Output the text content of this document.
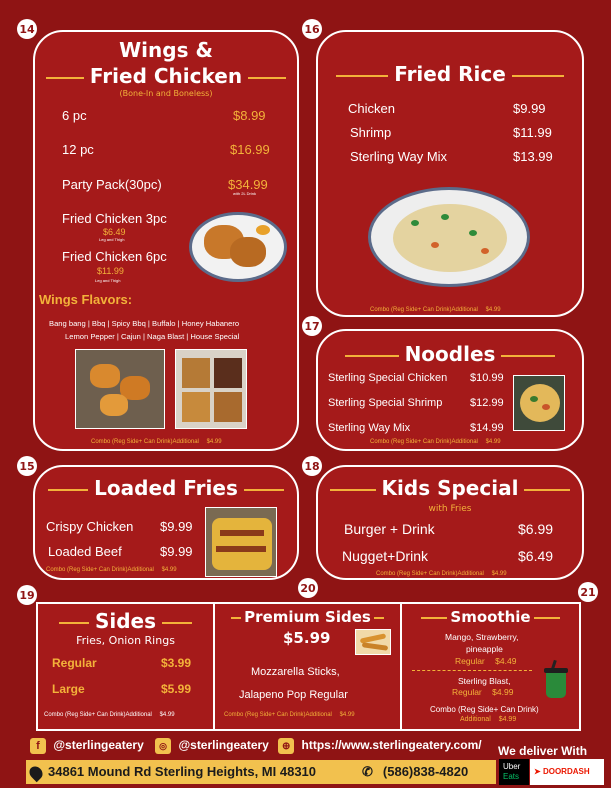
14	16
17
15	18
19
20	21
Wings &
Fried Chicken
(Bone-In and Boneless)
6 pc	$8.99
12 pc	$16.99
Party Pack(30pc)	$34.99
with 2L Drink
Fried Chicken 3pc
$6.49
Leg and Thigh
Fried Chicken 6pc
$11.99
Leg and Thigh
Wings Flavors:
Bang bang | Bbq | Spicy Bbq | Buffalo | Honey Habanero
Lemon Pepper | Cajun | Naga Blast | House Special
Combo (Reg Side+ Can Drink)Additional $4.99
Fried Rice
Chicken	$9.99
Shrimp	$11.99
Sterling Way Mix	$13.99
Combo (Reg Side+ Can Drink)Additional $4.99
Noodles
Sterling Special Chicken $10.99
Sterling Special Shrimp	$12.99
Sterling Way Mix	$14.99
Combo (Reg Side+ Can Drink)Additional $4.99
Loaded Fries
Crispy Chicken $9.99
Loaded Beef	$9.99
Combo (Reg Side+ Can Drink)Additional $4.99
Kids Special
with Fries
Burger + Drink	$6.99
Nugget+Drink	$6.49
Combo (Reg Side+ Can Drink)Additional $4.99
Sides
Fries, Onion Rings
Regular	$3.99
Large	$5.99
Combo (Reg Side+ Can Drink)Additional $4.99
Premium Sides
$5.99
Mozzarella Sticks,
Jalapeno Pop Regular
Combo (Reg Side+ Can Drink)Additional $4.99
Smoothie
Mango, Strawberry,
pineapple
Regular $4.49
Sterling Blast,
Regular $4.99
Combo (Reg Side+ Can Drink)
Additional $4.99
f @sterlingeatery ◎ @sterlingeatery ⊕ https://www.sterlingeatery.com/ We deliver With
34861 Mound Rd Sterling Heights, MI 48310	✆ (586)838-4820	Uber
Eats
➤ DOORDASH
